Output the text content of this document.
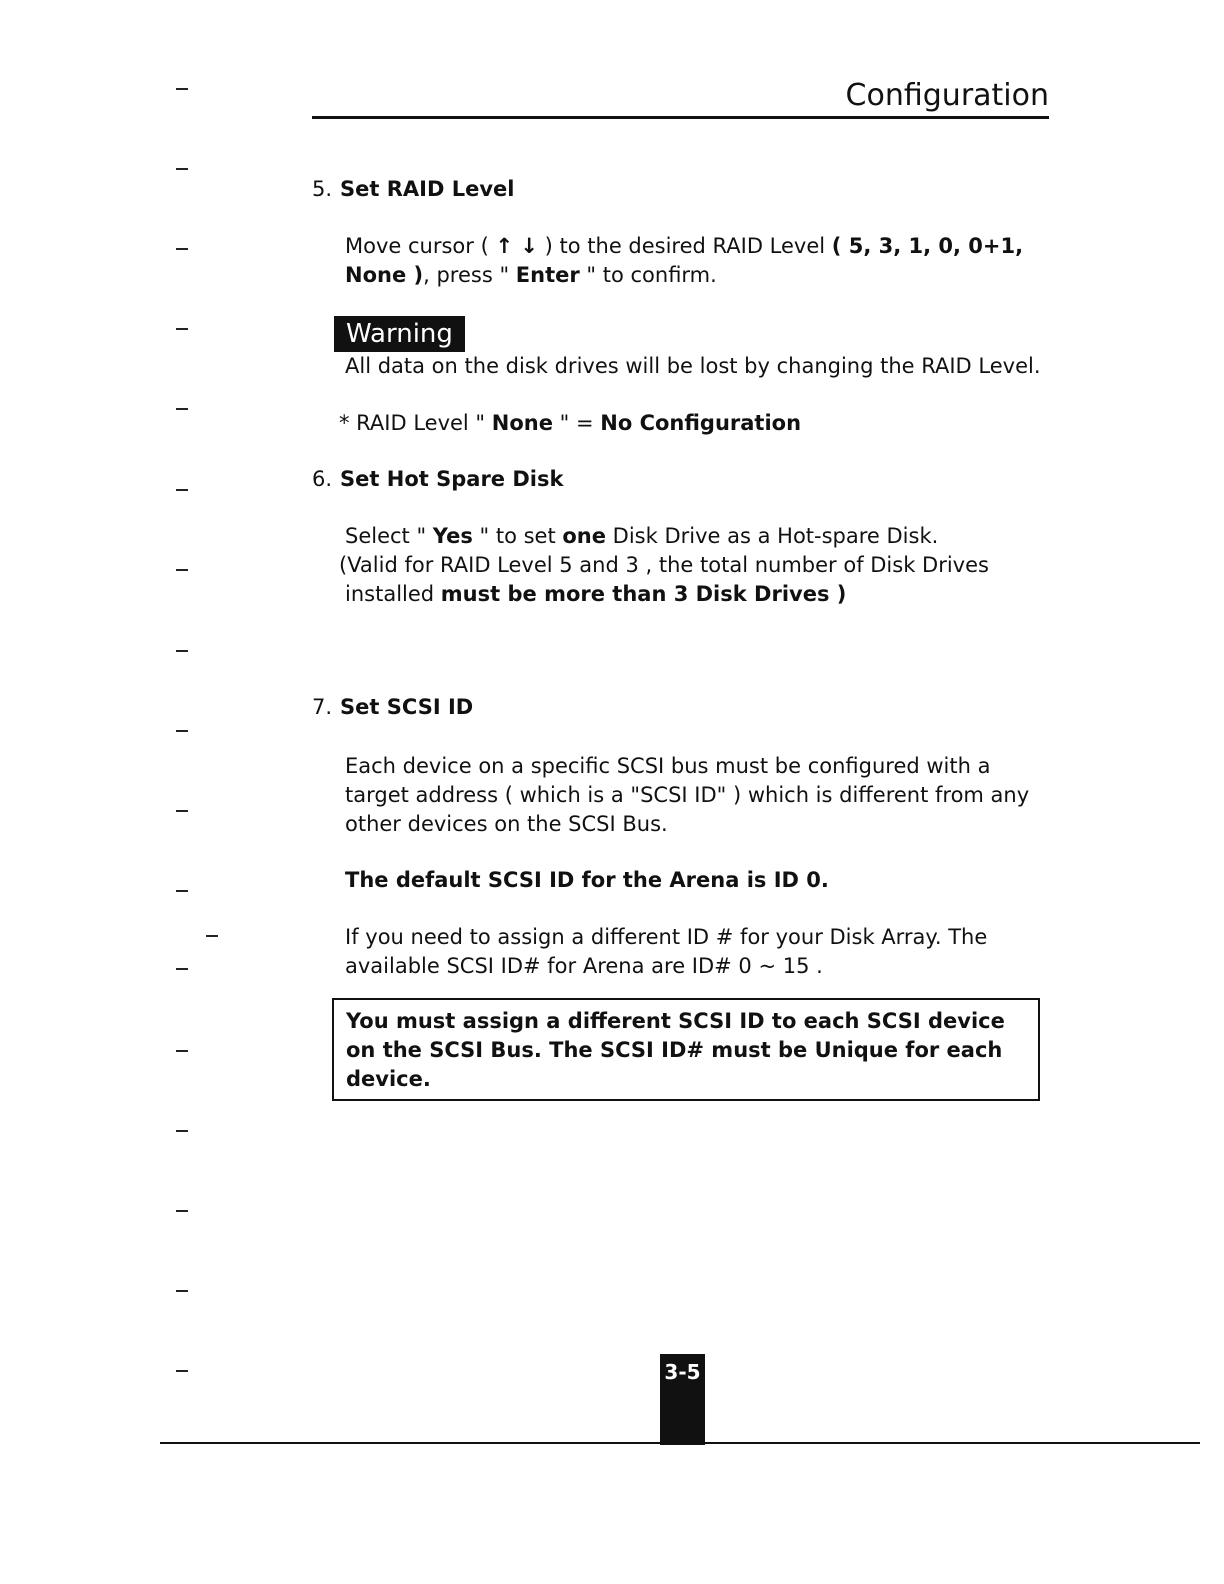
Configuration
5. Set RAID Level
Move cursor ( ↑ ↓ ) to the desired RAID Level ( 5, 3, 1, 0, 0+1,
None ), press " Enter " to confirm.
Warning
All data on the disk drives will be lost by changing the RAID Level.
* RAID Level " None " = No Configuration
6. Set Hot Spare Disk
Select " Yes " to set one Disk Drive as a Hot-spare Disk.
(Valid for RAID Level 5 and 3 , the total number of Disk Drives
installed must be more than 3 Disk Drives )
7. Set SCSI ID
Each device on a specific SCSI bus must be configured with a target address ( which is a "SCSI ID" ) which is different from any other devices on the SCSI Bus.
The default SCSI ID for the Arena is ID 0.
If you need to assign a different ID # for your Disk Array. The available SCSI ID# for Arena are ID# 0 ~ 15 .
You must assign a different SCSI ID to each SCSI device on the SCSI Bus. The SCSI ID# must be Unique for each device.
3-5
